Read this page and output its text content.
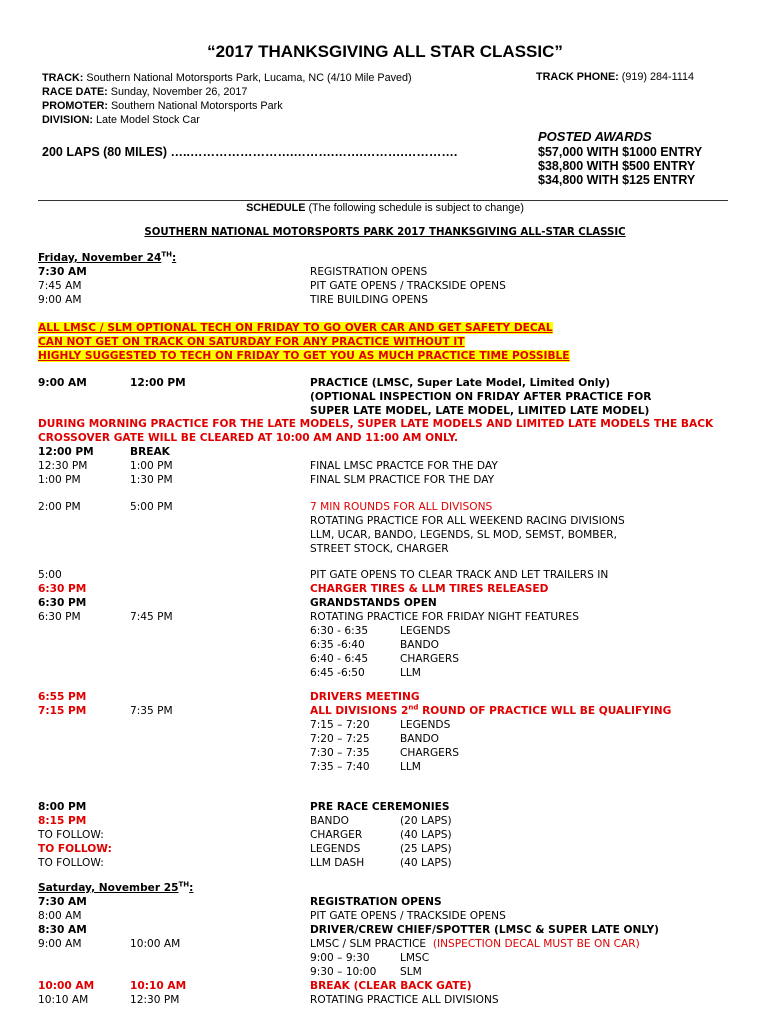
“2017 THANKSGIVING ALL STAR CLASSIC”
TRACK: Southern National Motorsports Park, Lucama, NC (4/10 Mile Paved)
RACE DATE: Sunday, November 26, 2017
PROMOTER: Southern National Motorsports Park
DIVISION: Late Model Stock Car
TRACK PHONE: (919) 284-1114
POSTED AWARDS
200 LAPS (80 MILES) …..…………………….……….…….……….………….	$57,000 WITH $1000 ENTRY
$38,800 WITH $500 ENTRY
$34,800 WITH $125 ENTRY
SCHEDULE (The following schedule is subject to change)
SOUTHERN NATIONAL MOTORSPORTS PARK 2017 THANKSGIVING ALL-STAR CLASSIC
Friday, November 24TH:
7:30 AM	REGISTRATION OPENS
7:45 AM	PIT GATE OPENS / TRACKSIDE OPENS
9:00 AM	TIRE BUILDING OPENS
ALL LMSC / SLM OPTIONAL TECH ON FRIDAY TO GO OVER CAR AND GET SAFETY DECAL
CAN NOT GET ON TRACK ON SATURDAY FOR ANY PRACTICE WITHOUT IT
HIGHLY SUGGESTED TO TECH ON FRIDAY TO GET YOU AS MUCH PRACTICE TIME POSSIBLE
9:00 AM	12:00 PM	PRACTICE (LMSC, Super Late Model, Limited Only)
(OPTIONAL INSPECTION ON FRIDAY AFTER PRACTICE FOR
SUPER LATE MODEL, LATE MODEL, LIMITED LATE MODEL)
DURING MORNING PRACTICE FOR THE LATE MODELS, SUPER LATE MODELS AND LIMITED LATE MODELS THE BACK
CROSSOVER GATE WILL BE CLEARED AT 10:00 AM AND 11:00 AM ONLY.
12:00 PM	BREAK
12:30 PM	1:00 PM	FINAL LMSC PRACTCE FOR THE DAY
1:00 PM	1:30 PM	FINAL SLM PRACTICE FOR THE DAY
2:00 PM	5:00 PM	7 MIN ROUNDS FOR ALL DIVISONS
ROTATING PRACTICE FOR ALL WEEKEND RACING DIVISIONS
LLM, UCAR, BANDO, LEGENDS, SL MOD, SEMST, BOMBER,
STREET STOCK, CHARGER
5:00	PIT GATE OPENS TO CLEAR TRACK AND LET TRAILERS IN
6:30 PM	CHARGER TIRES & LLM TIRES RELEASED
6:30 PM	GRANDSTANDS OPEN
6:30 PM	7:45 PM	ROTATING PRACTICE FOR FRIDAY NIGHT FEATURES
6:30 - 6:35	LEGENDS
6:35 -6:40	BANDO
6:40 - 6:45	CHARGERS
6:45 -6:50	LLM
6:55 PM	DRIVERS MEETING
7:15 PM	7:35 PM	ALL DIVISIONS 2nd ROUND OF PRACTICE WLL BE QUALIFYING
7:15 – 7:20	LEGENDS
7:20 – 7:25	BANDO
7:30 – 7:35	CHARGERS
7:35 – 7:40	LLM
8:00 PM	PRE RACE CEREMONIES
8:15 PM	BANDO	(20 LAPS)
TO FOLLOW:	CHARGER	(40 LAPS)
TO FOLLOW:	LEGENDS	(25 LAPS)
TO FOLLOW:	LLM DASH	(40 LAPS)
Saturday, November 25TH:
7:30 AM	REGISTRATION OPENS
8:00 AM	PIT GATE OPENS / TRACKSIDE OPENS
8:30 AM	DRIVER/CREW CHIEF/SPOTTER (LMSC & SUPER LATE ONLY)
9:00 AM	10:00 AM	LMSC / SLM PRACTICE (INSPECTION DECAL MUST BE ON CAR)
9:00 – 9:30	LMSC
9:30 – 10:00 SLM
10:00 AM	10:10 AM	BREAK (CLEAR BACK GATE)
10:10 AM	12:30 PM	ROTATING PRACTICE ALL DIVISIONS
